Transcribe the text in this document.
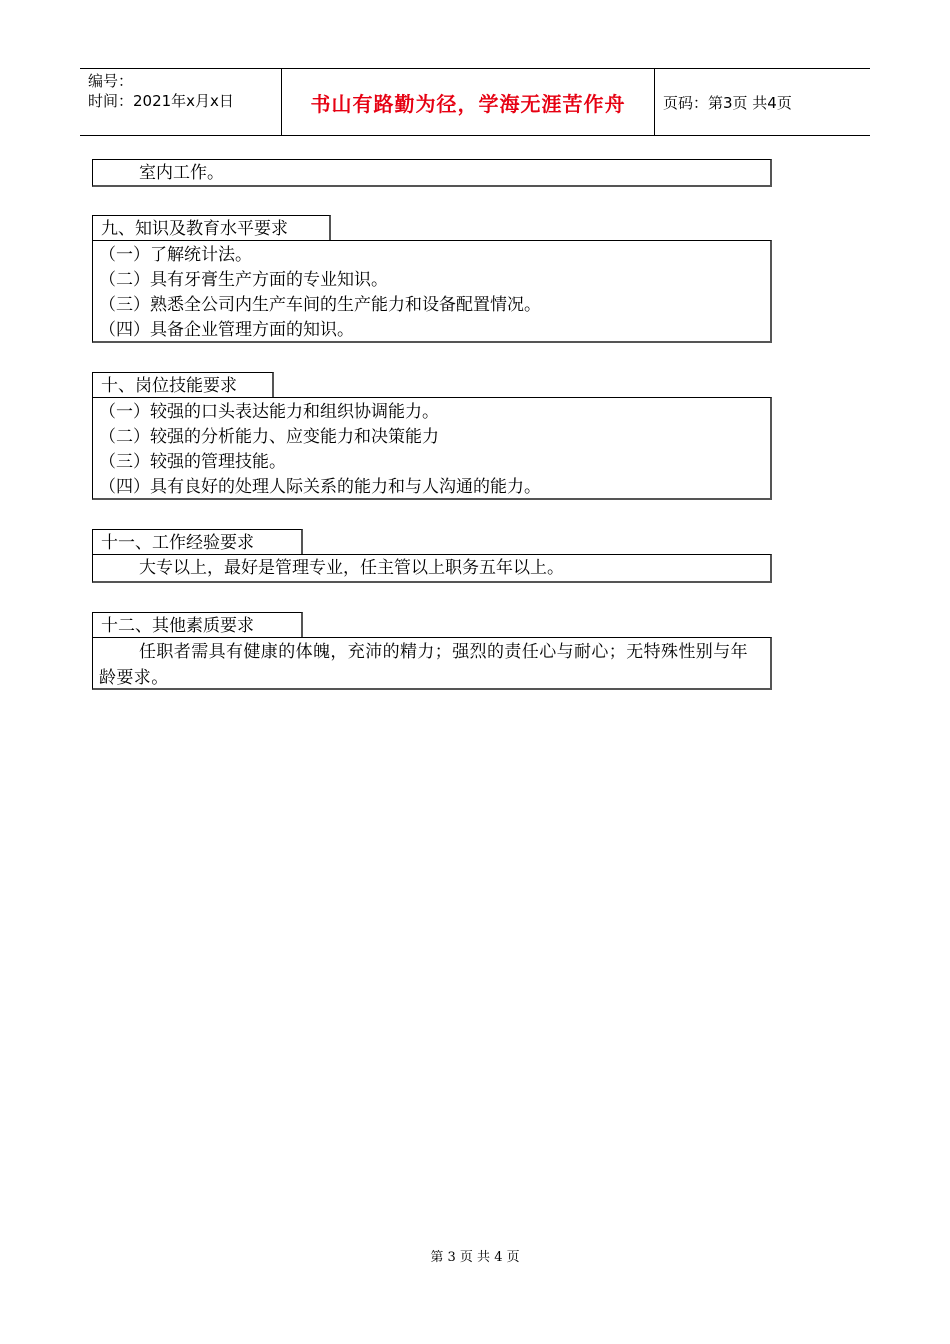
编号：
时间：2021年x月x日	书山有路勤为径，学海无涯苦作舟	页码：第3页 共4页
室内工作。
九、知识及教育水平要求
（一）了解统计法。
（二）具有牙膏生产方面的专业知识。
（三）熟悉全公司内生产车间的生产能力和设备配置情况。
（四）具备企业管理方面的知识。
十、岗位技能要求
（一）较强的口头表达能力和组织协调能力。
（二）较强的分析能力、应变能力和决策能力
（三）较强的管理技能。
（四）具有良好的处理人际关系的能力和与人沟通的能力。
十一、工作经验要求
大专以上，最好是管理专业，任主管以上职务五年以上。
十二、其他素质要求
任职者需具有健康的体魄，充沛的精力；强烈的责任心与耐心；无特殊性别与年龄要求。
第 3 页 共 4 页
